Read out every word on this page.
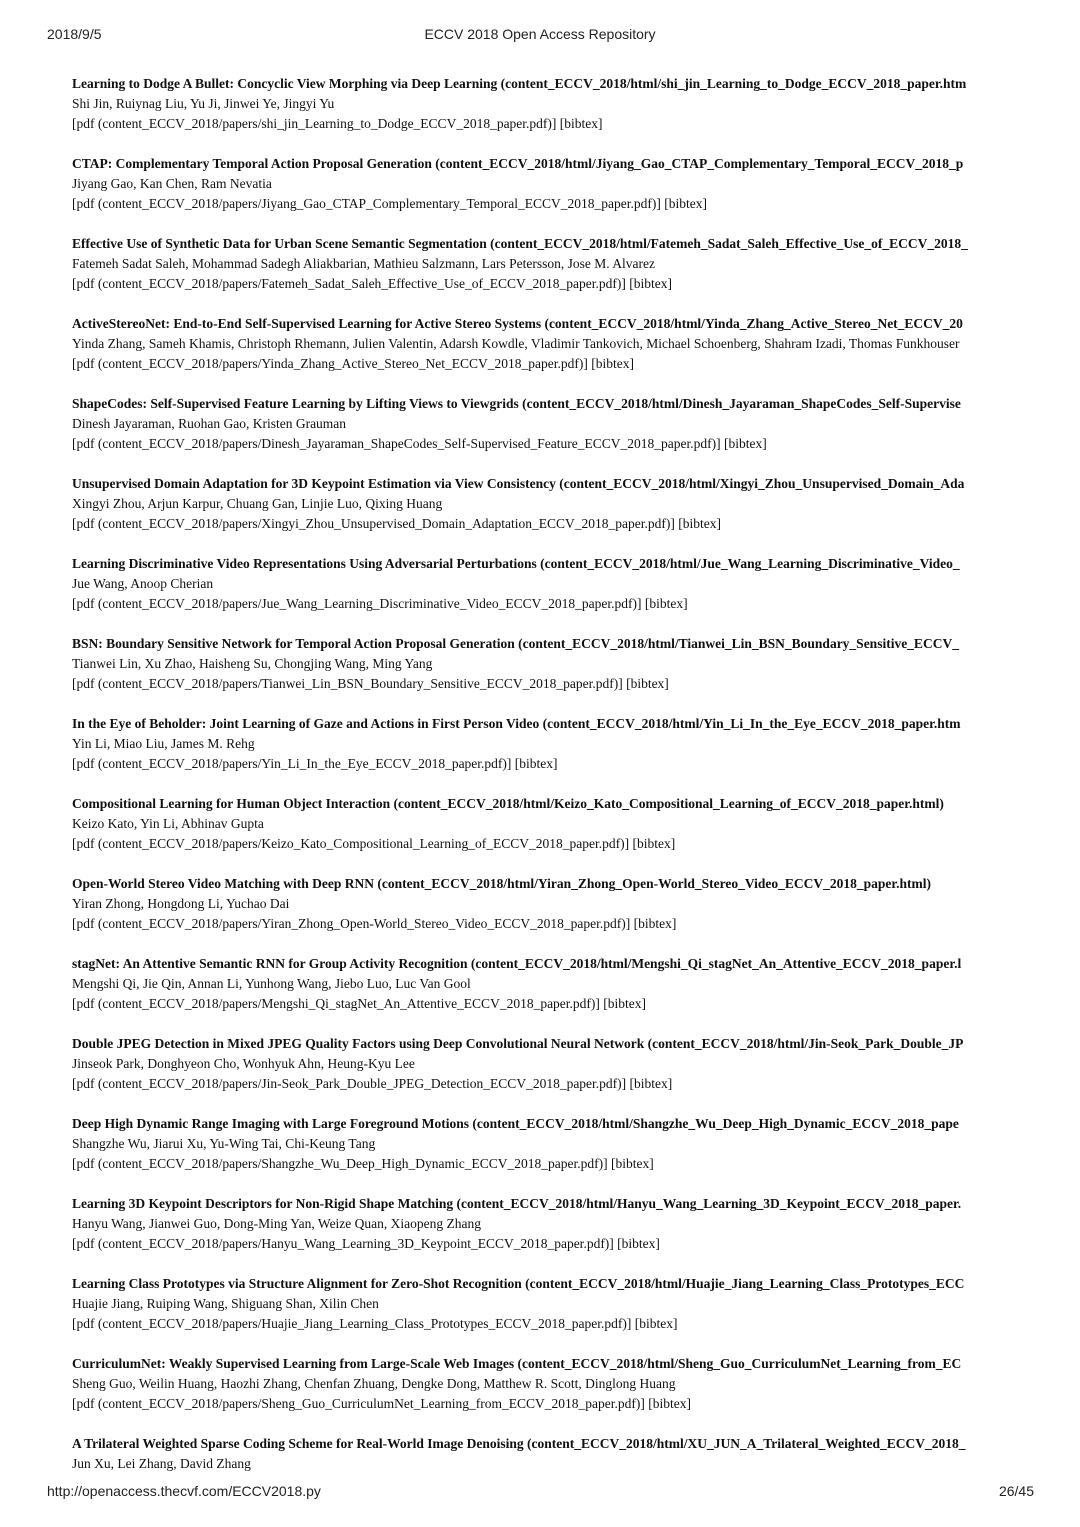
2018/9/5	ECCV 2018 Open Access Repository
Learning to Dodge A Bullet: Concyclic View Morphing via Deep Learning (content_ECCV_2018/html/shi_jin_Learning_to_Dodge_ECCV_2018_paper.htm
Shi Jin, Ruiynag Liu, Yu Ji, Jinwei Ye, Jingyi Yu
[pdf (content_ECCV_2018/papers/shi_jin_Learning_to_Dodge_ECCV_2018_paper.pdf)] [bibtex]
CTAP: Complementary Temporal Action Proposal Generation (content_ECCV_2018/html/Jiyang_Gao_CTAP_Complementary_Temporal_ECCV_2018_p
Jiyang Gao, Kan Chen, Ram Nevatia
[pdf (content_ECCV_2018/papers/Jiyang_Gao_CTAP_Complementary_Temporal_ECCV_2018_paper.pdf)] [bibtex]
Effective Use of Synthetic Data for Urban Scene Semantic Segmentation (content_ECCV_2018/html/Fatemeh_Sadat_Saleh_Effective_Use_of_ECCV_2018_
Fatemeh Sadat Saleh, Mohammad Sadegh Aliakbarian, Mathieu Salzmann, Lars Petersson, Jose M. Alvarez
[pdf (content_ECCV_2018/papers/Fatemeh_Sadat_Saleh_Effective_Use_of_ECCV_2018_paper.pdf)] [bibtex]
ActiveStereoNet: End-to-End Self-Supervised Learning for Active Stereo Systems (content_ECCV_2018/html/Yinda_Zhang_Active_Stereo_Net_ECCV_20
Yinda Zhang, Sameh Khamis, Christoph Rhemann, Julien Valentin, Adarsh Kowdle, Vladimir Tankovich, Michael Schoenberg, Shahram Izadi, Thomas Funkhouser
[pdf (content_ECCV_2018/papers/Yinda_Zhang_Active_Stereo_Net_ECCV_2018_paper.pdf)] [bibtex]
ShapeCodes: Self-Supervised Feature Learning by Lifting Views to Viewgrids (content_ECCV_2018/html/Dinesh_Jayaraman_ShapeCodes_Self-Supervise
Dinesh Jayaraman, Ruohan Gao, Kristen Grauman
[pdf (content_ECCV_2018/papers/Dinesh_Jayaraman_ShapeCodes_Self-Supervised_Feature_ECCV_2018_paper.pdf)] [bibtex]
Unsupervised Domain Adaptation for 3D Keypoint Estimation via View Consistency (content_ECCV_2018/html/Xingyi_Zhou_Unsupervised_Domain_Ada
Xingyi Zhou, Arjun Karpur, Chuang Gan, Linjie Luo, Qixing Huang
[pdf (content_ECCV_2018/papers/Xingyi_Zhou_Unsupervised_Domain_Adaptation_ECCV_2018_paper.pdf)] [bibtex]
Learning Discriminative Video Representations Using Adversarial Perturbations (content_ECCV_2018/html/Jue_Wang_Learning_Discriminative_Video_
Jue Wang, Anoop Cherian
[pdf (content_ECCV_2018/papers/Jue_Wang_Learning_Discriminative_Video_ECCV_2018_paper.pdf)] [bibtex]
BSN: Boundary Sensitive Network for Temporal Action Proposal Generation (content_ECCV_2018/html/Tianwei_Lin_BSN_Boundary_Sensitive_ECCV_
Tianwei Lin, Xu Zhao, Haisheng Su, Chongjing Wang, Ming Yang
[pdf (content_ECCV_2018/papers/Tianwei_Lin_BSN_Boundary_Sensitive_ECCV_2018_paper.pdf)] [bibtex]
In the Eye of Beholder: Joint Learning of Gaze and Actions in First Person Video (content_ECCV_2018/html/Yin_Li_In_the_Eye_ECCV_2018_paper.htm
Yin Li, Miao Liu, James M. Rehg
[pdf (content_ECCV_2018/papers/Yin_Li_In_the_Eye_ECCV_2018_paper.pdf)] [bibtex]
Compositional Learning for Human Object Interaction (content_ECCV_2018/html/Keizo_Kato_Compositional_Learning_of_ECCV_2018_paper.html)
Keizo Kato, Yin Li, Abhinav Gupta
[pdf (content_ECCV_2018/papers/Keizo_Kato_Compositional_Learning_of_ECCV_2018_paper.pdf)] [bibtex]
Open-World Stereo Video Matching with Deep RNN (content_ECCV_2018/html/Yiran_Zhong_Open-World_Stereo_Video_ECCV_2018_paper.html)
Yiran Zhong, Hongdong Li, Yuchao Dai
[pdf (content_ECCV_2018/papers/Yiran_Zhong_Open-World_Stereo_Video_ECCV_2018_paper.pdf)] [bibtex]
stagNet: An Attentive Semantic RNN for Group Activity Recognition (content_ECCV_2018/html/Mengshi_Qi_stagNet_An_Attentive_ECCV_2018_paper.l
Mengshi Qi, Jie Qin, Annan Li, Yunhong Wang, Jiebo Luo, Luc Van Gool
[pdf (content_ECCV_2018/papers/Mengshi_Qi_stagNet_An_Attentive_ECCV_2018_paper.pdf)] [bibtex]
Double JPEG Detection in Mixed JPEG Quality Factors using Deep Convolutional Neural Network (content_ECCV_2018/html/Jin-Seok_Park_Double_JP
Jinseok Park, Donghyeon Cho, Wonhyuk Ahn, Heung-Kyu Lee
[pdf (content_ECCV_2018/papers/Jin-Seok_Park_Double_JPEG_Detection_ECCV_2018_paper.pdf)] [bibtex]
Deep High Dynamic Range Imaging with Large Foreground Motions (content_ECCV_2018/html/Shangzhe_Wu_Deep_High_Dynamic_ECCV_2018_pape
Shangzhe Wu, Jiarui Xu, Yu-Wing Tai, Chi-Keung Tang
[pdf (content_ECCV_2018/papers/Shangzhe_Wu_Deep_High_Dynamic_ECCV_2018_paper.pdf)] [bibtex]
Learning 3D Keypoint Descriptors for Non-Rigid Shape Matching (content_ECCV_2018/html/Hanyu_Wang_Learning_3D_Keypoint_ECCV_2018_paper.
Hanyu Wang, Jianwei Guo, Dong-Ming Yan, Weize Quan, Xiaopeng Zhang
[pdf (content_ECCV_2018/papers/Hanyu_Wang_Learning_3D_Keypoint_ECCV_2018_paper.pdf)] [bibtex]
Learning Class Prototypes via Structure Alignment for Zero-Shot Recognition (content_ECCV_2018/html/Huajie_Jiang_Learning_Class_Prototypes_ECC
Huajie Jiang, Ruiping Wang, Shiguang Shan, Xilin Chen
[pdf (content_ECCV_2018/papers/Huajie_Jiang_Learning_Class_Prototypes_ECCV_2018_paper.pdf)] [bibtex]
CurriculumNet: Weakly Supervised Learning from Large-Scale Web Images (content_ECCV_2018/html/Sheng_Guo_CurriculumNet_Learning_from_EC
Sheng Guo, Weilin Huang, Haozhi Zhang, Chenfan Zhuang, Dengke Dong, Matthew R. Scott, Dinglong Huang
[pdf (content_ECCV_2018/papers/Sheng_Guo_CurriculumNet_Learning_from_ECCV_2018_paper.pdf)] [bibtex]
A Trilateral Weighted Sparse Coding Scheme for Real-World Image Denoising (content_ECCV_2018/html/XU_JUN_A_Trilateral_Weighted_ECCV_2018_
Jun Xu, Lei Zhang, David Zhang
http://openaccess.thecvf.com/ECCV2018.py	26/45
